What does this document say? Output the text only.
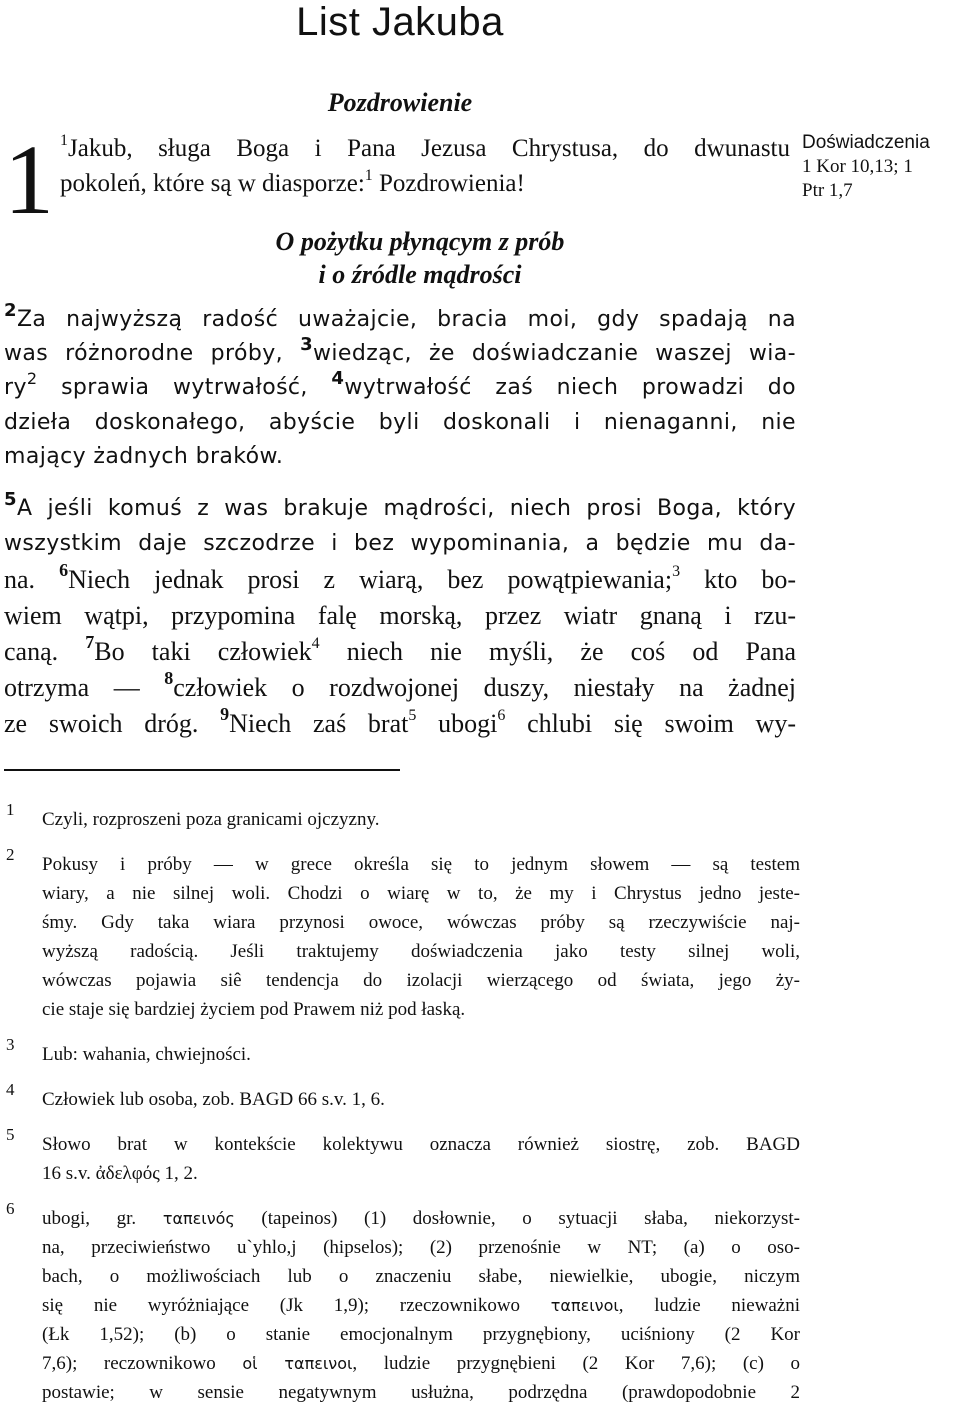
List Jakuba
Pozdrowienie
1	Doświadczenia
1 Kor 10,13; 1
Ptr 1,7
$^1$Jakub, sługa Boga i Pana Jezusa Chrystusa, do dwunastu
pokoleń, które są w diasporze:$^1$ Pozdrowienia!
O pożytku płynącym z prób
i o źródle mądrości
$^2$Za najwyższą radość uważajcie, bracia moi, gdy spadają na
was różnorodne próby, $^3$wiedząc, że doświadczanie waszej wia-
$ry^2$ sprawia wytrwałość, $^4$wytrwałość zaś niech prowadzi do
dzieła doskonałego, abyście byli doskonali i nienaganni, nie
mający żadnych braków.
$^5$A jeśli komuś z was brakuje mądrości, niech prosi Boga, który
wszystkim daje szczodrze i bez wypominania, a będzie mu da-
na. $^6$Niech jednak prosi z wiarą, bez powątpiewania;$^3$ kto bo-
wiem wątpi, przypomina falę morską, przez wiatr gnaną i rzu-
caną. $^7$Bo taki człowiek$^4$ niech nie myśli, że coś od Pana
otrzyma — $^8$człowiek o rozdwojonej duszy, niestały na żadnej
ze swoich dróg. $^9$Niech zaś brat$^5$ ubogi$^6$ chlubi się swoim wy-
1 Czyli, rozproszeni poza granicami ojczyzny.
2 Pokusy i próby — w grece określa się to jednym słowem — są testem
wiary, a nie silnej woli. Chodzi o wiarę w to, że my i Chrystus jedno jeste-
śmy. Gdy taka wiara przynosi owoce, wówczas próby są rzeczywiście naj-
wyższą radością. Jeśli traktujemy doświadczenia jako testy silnej woli,
wówczas pojawia siê tendencja do izolacji wierzącego od świata, jego ży-
cie staje się bardziej życiem pod Prawem niż pod łaską.
3 Lub: wahania, chwiejności.
4 Człowiek lub osoba, zob. BAGD 66 s.v. 1, 6.
5 Słowo brat w kontekście kolektywu oznacza również siostrę, zob. BAGD
16 s.v. ἀδελφός 1, 2.
6 ubogi, gr. ταπεινός (tapeinos) (1) dosłownie, o sytuacji słaba, niekorzyst-
na, przeciwieństwo u`yhlo,j (hipselos); (2) przenośnie w NT; (a) o oso-
bach, o możliwościach lub o znaczeniu słabe, niewielkie, ubogie, niczym
się nie wyróżniające (Jk 1,9); rzeczownikowo ταπεινοι, ludzie nieważni
(Łk 1,52); (b) o stanie emocjonalnym przygnębiony, uciśniony (2 Kor
7,6); reczownikowo οἱ ταπεινοι, ludzie przygnębieni (2 Kor 7,6); (c) o
postawie; w sensie negatywnym usłużna, podrzędna (prawdopodobnie 2
